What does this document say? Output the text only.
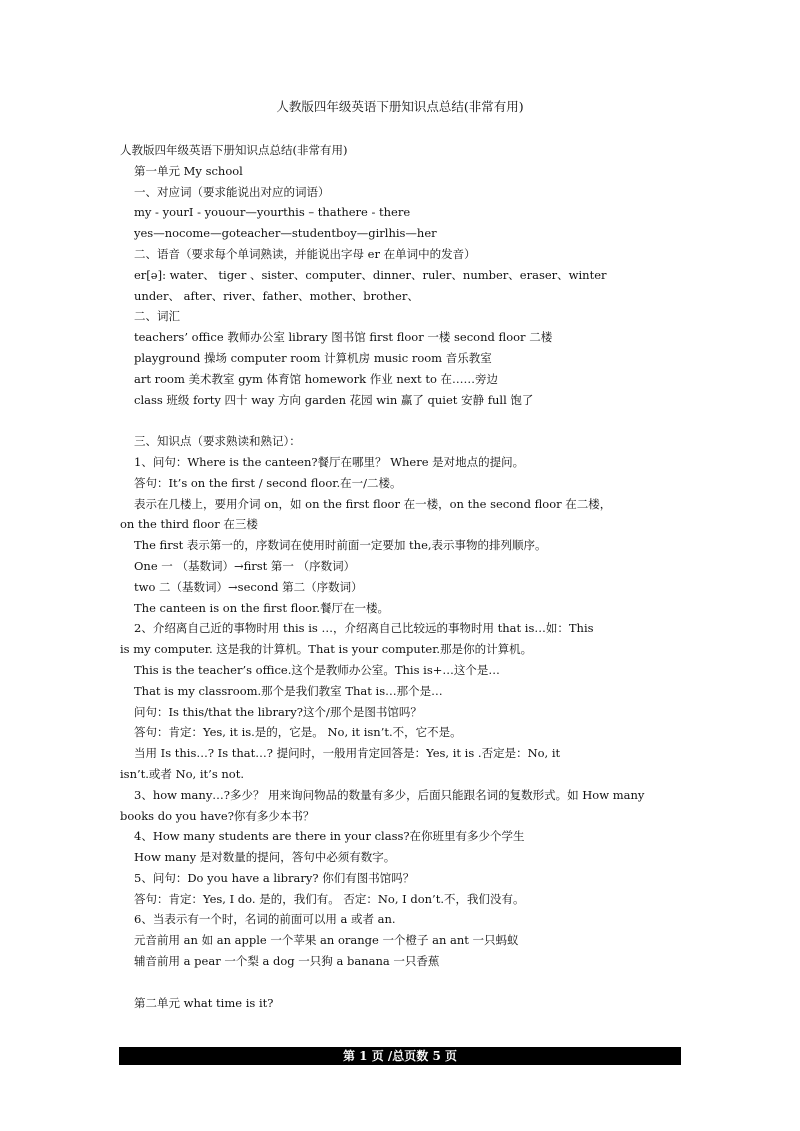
人教版四年级英语下册知识点总结(非常有用)
人教版四年级英语下册知识点总结(非常有用)
第一单元 My school
一、对应词（要求能说出对应的词语）
my - yourI - youour—yourthis – thathere - there
yes—nocome—goteacher—studentboy—girlhis—her
二、语音（要求每个单词熟读，并能说出字母 er 在单词中的发音）
er[ə]: water、 tiger 、sister、computer、dinner、ruler、number、eraser、winter
under、 after、river、father、mother、brother、
二、词汇
teachers’ office 教师办公室 library 图书馆 first floor 一楼 second floor 二楼
playground 操场 computer room 计算机房 music room 音乐教室
art room 美术教室 gym 体育馆 homework 作业 next to 在……旁边
class 班级 forty 四十 way 方向 garden 花园 win 赢了 quiet 安静 full 饱了
三、知识点（要求熟读和熟记）：
1、问句：Where is the canteen?餐厅在哪里？ Where 是对地点的提问。
答句：It’s on the first / second floor.在一/二楼。
表示在几楼上，要用介词 on，如 on the first floor 在一楼，on the second floor 在二楼，
on the third floor 在三楼
The first 表示第一的，序数词在使用时前面一定要加 the,表示事物的排列顺序。
One 一 （基数词）→first 第一 （序数词）
two 二（基数词）→second 第二（序数词）
The canteen is on the first floor.餐厅在一楼。
2、介绍离自己近的事物时用 this is …，介绍离自己比较远的事物时用 that is…如：This
is my computer. 这是我的计算机。That is your computer.那是你的计算机。
This is the teacher’s office.这个是教师办公室。This is+…这个是…
That is my classroom.那个是我们教室 That is…那个是…
问句：Is this/that the library?这个/那个是图书馆吗？
答句：肯定：Yes, it is.是的，它是。 No, it isn’t.不，它不是。
当用 Is this…? Is that…? 提问时，一般用肯定回答是：Yes, it is .否定是：No, it
isn’t.或者 No, it’s not.
3、how many…?多少？ 用来询问物品的数量有多少，后面只能跟名词的复数形式。如 How many
books do you have?你有多少本书？
4、How many students are there in your class?在你班里有多少个学生
How many 是对数量的提问，答句中必须有数字。
5、问句：Do you have a library? 你们有图书馆吗？
答句：肯定：Yes, I do. 是的，我们有。 否定：No, I don’t.不，我们没有。
6、当表示有一个时，名词的前面可以用 a 或者 an.
元音前用 an 如 an apple 一个苹果 an orange 一个橙子 an ant 一只蚂蚁
辅音前用 a pear 一个梨 a dog 一只狗 a banana 一只香蕉
第二单元 what time is it?
第 1 页 /总页数 5 页
